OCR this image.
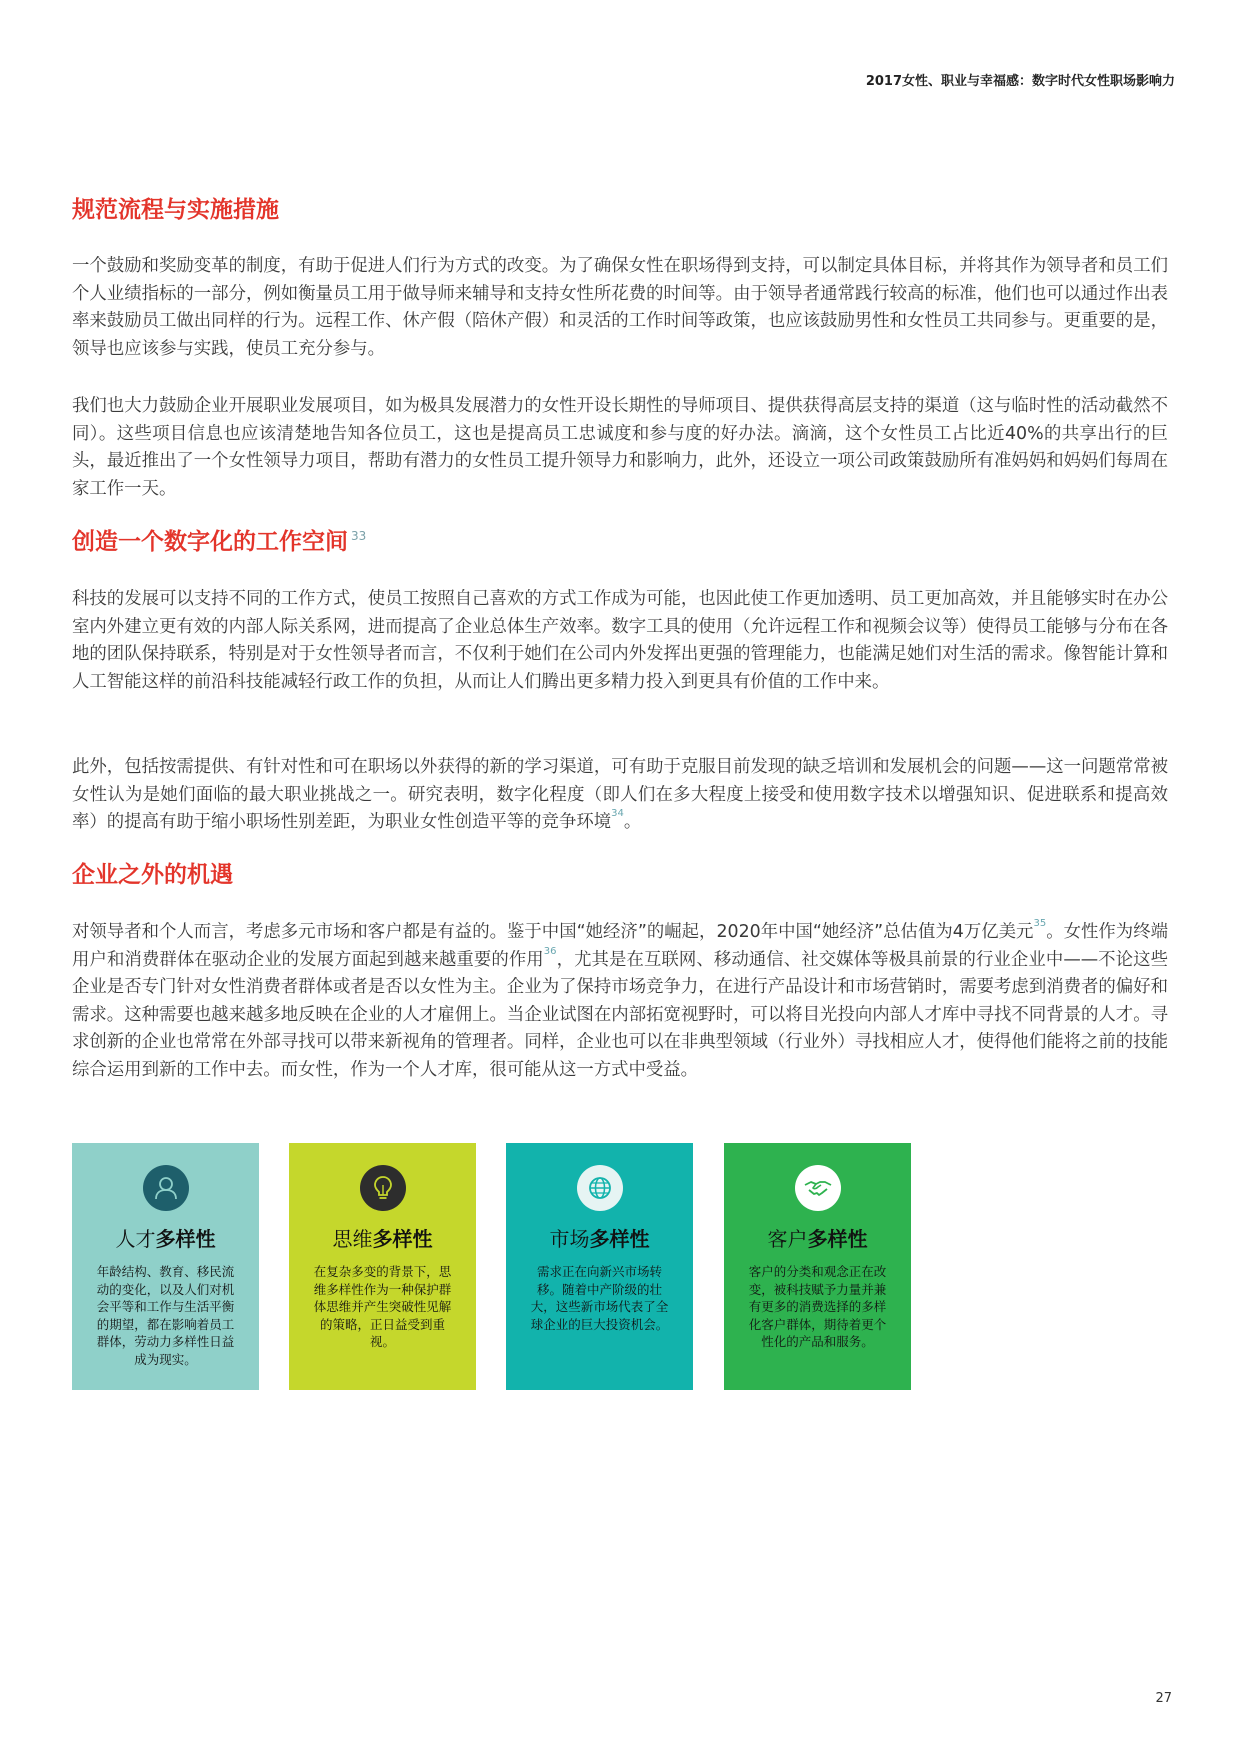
2017女性、职业与幸福感：数字时代女性职场影响力
规范流程与实施措施

一个鼓励和奖励变革的制度，有助于促进人们行为方式的改变。为了确保女性在职场得到支持，可以制定具体目标，并将其作为领导者和员工们个人业绩指标的一部分，例如衡量员工用于做导师来辅导和支持女性所花费的时间等。由于领导者通常践行较高的标准，他们也可以通过作出表率来鼓励员工做出同样的行为。远程工作、休产假（陪休产假）和灵活的工作时间等政策，也应该鼓励男性和女性员工共同参与。更重要的是，领导也应该参与实践，使员工充分参与。

我们也大力鼓励企业开展职业发展项目，如为极具发展潜力的女性开设长期性的导师项目、提供获得高层支持的渠道（这与临时性的活动截然不同）。这些项目信息也应该清楚地告知各位员工，这也是提高员工忠诚度和参与度的好办法。滴滴，这个女性员工占比近40%的共享出行的巨头，最近推出了一个女性领导力项目，帮助有潜力的女性员工提升领导力和影响力，此外，还设立一项公司政策鼓励所有准妈妈和妈妈们每周在家工作一天。

创造一个数字化的工作空间 $^{33}$

科技的发展可以支持不同的工作方式，使员工按照自己喜欢的方式工作成为可能，也因此使工作更加透明、员工更加高效，并且能够实时在办公室内外建立更有效的内部人际关系网，进而提高了企业总体生产效率。数字工具的使用（允许远程工作和视频会议等）使得员工能够与分布在各地的团队保持联系，特别是对于女性领导者而言，不仅利于她们在公司内外发挥出更强的管理能力，也能满足她们对生活的需求。像智能计算和人工智能这样的前沿科技能减轻行政工作的负担，从而让人们腾出更多精力投入到更具有价值的工作中来。

此外，包括按需提供、有针对性和可在职场以外获得的新的学习渠道，可有助于克服目前发现的缺乏培训和发展机会的问题——这一问题常常被女性认为是她们面临的最大职业挑战之一。研究表明，数字化程度（即人们在多大程度上接受和使用数字技术以增强知识、促进联系和提高效率）的提高有助于缩小职场性别差距，为职业女性创造平等的竞争环境$^{34}$。

企业之外的机遇

对领导者和个人而言，考虑多元市场和客户都是有益的。鉴于中国“她经济”的崛起，2020年中国“她经济”总估值为4万亿美元$^{35}$。女性作为终端用户和消费群体在驱动企业的发展方面起到越来越重要的作用$^{36}$，尤其是在互联网、移动通信、社交媒体等极具前景的行业企业中——不论这些企业是否专门针对女性消费者群体或者是否以女性为主。企业为了保持市场竞争力，在进行产品设计和市场营销时，需要考虑到消费者的偏好和需求。这种需要也越来越多地反映在企业的人才雇佣上。当企业试图在内部拓宽视野时，可以将目光投向内部人才库中寻找不同背景的人才。寻求创新的企业也常常在外部寻找可以带来新视角的管理者。同样，企业也可以在非典型领域（行业外）寻找相应人才，使得他们能将之前的技能综合运用到新的工作中去。而女性，作为一个人才库，很可能从这一方式中受益。

人才多样性
年龄结构、教育、移民流动的变化，以及人们对机会平等和工作与生活平衡的期望，都在影响着员工群体，劳动力多样性日益成为现实。
思维多样性
在复杂多变的背景下，思维多样性作为一种保护群体思维并产生突破性见解的策略，正日益受到重视。
市场多样性
需求正在向新兴市场转移。随着中产阶级的壮大，这些新市场代表了全球企业的巨大投资机会。
客户多样性
客户的分类和观念正在改变，被科技赋予力量并兼有更多的消费选择的多样化客户群体，期待着更个性化的产品和服务。
27
